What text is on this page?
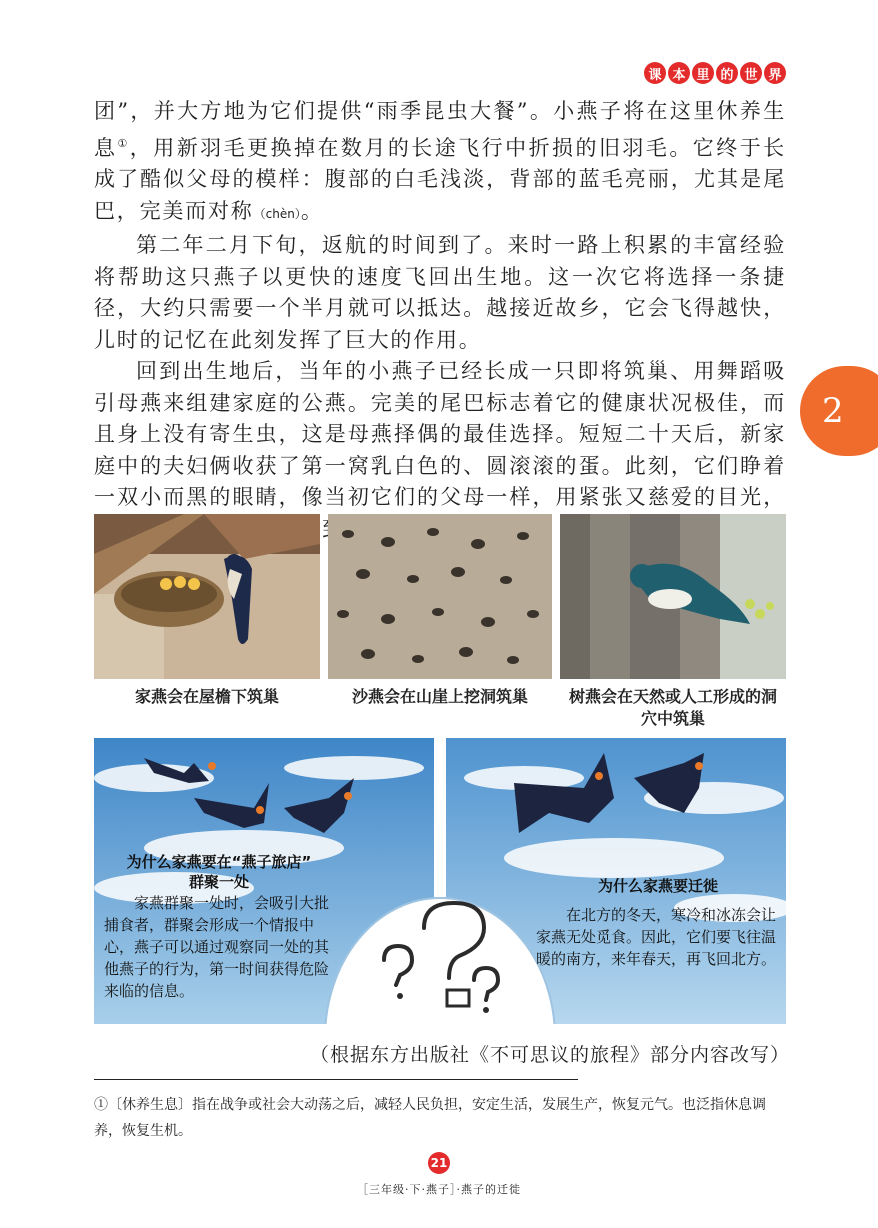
课 本 里 的 世 界
2

团”，并大方地为它们提供“雨季昆虫大餐”。小燕子将在这里休养生息①，用新羽毛更换掉在数月的长途飞行中折损的旧羽毛。它终于长成了酷似父母的模样：腹部的白毛浅淡，背部的蓝毛亮丽，尤其是尾巴，完美而对称（chèn）。

第二年二月下旬，返航的时间到了。来时一路上积累的丰富经验将帮助这只燕子以更快的速度飞回出生地。这一次它将选择一条捷径，大约只需要一个半月就可以抵达。越接近故乡，它会飞得越快，儿时的记忆在此刻发挥了巨大的作用。

回到出生地后，当年的小燕子已经长成一只即将筑巢、用舞蹈吸引母燕来组建家庭的公燕。完美的尾巴标志着它的健康状况极佳，而且身上没有寄生虫，这是母燕择偶的最佳选择。短短二十天后，新家庭中的夫妇俩收获了第一窝乳白色的、圆滚滚的蛋。此刻，它们睁着一双小而黑的眼睛，像当初它们的父母一样，用紧张又慈爱的目光， 生命的到来。

家燕会在屋檐下筑巢	沙燕会在山崖上挖洞筑巢	树燕会在天然或人工形成的洞
穴中筑巢
为什么家燕要在“燕子旅店”
群聚一处
家燕群聚一处时，会吸引大批捕食者，群聚会形成一个情报中心，燕子可以通过观察同一处的其他燕子的行为，第一时间获得危险来临的信息。
为什么家燕要迁徙
在北方的冬天，寒冷和冰冻会让家燕无处觅食。因此，它们要飞往温暖的南方，来年春天，再飞回北方。
（根据东方出版社《不可思议的旅程》部分内容改写）
①〔休养生息〕指在战争或社会大动荡之后，减轻人民负担，安定生活，发展生产，恢复元气。也泛指休息调养，恢复生机。
21
［三年级·下·燕子］·燕子的迁徙
